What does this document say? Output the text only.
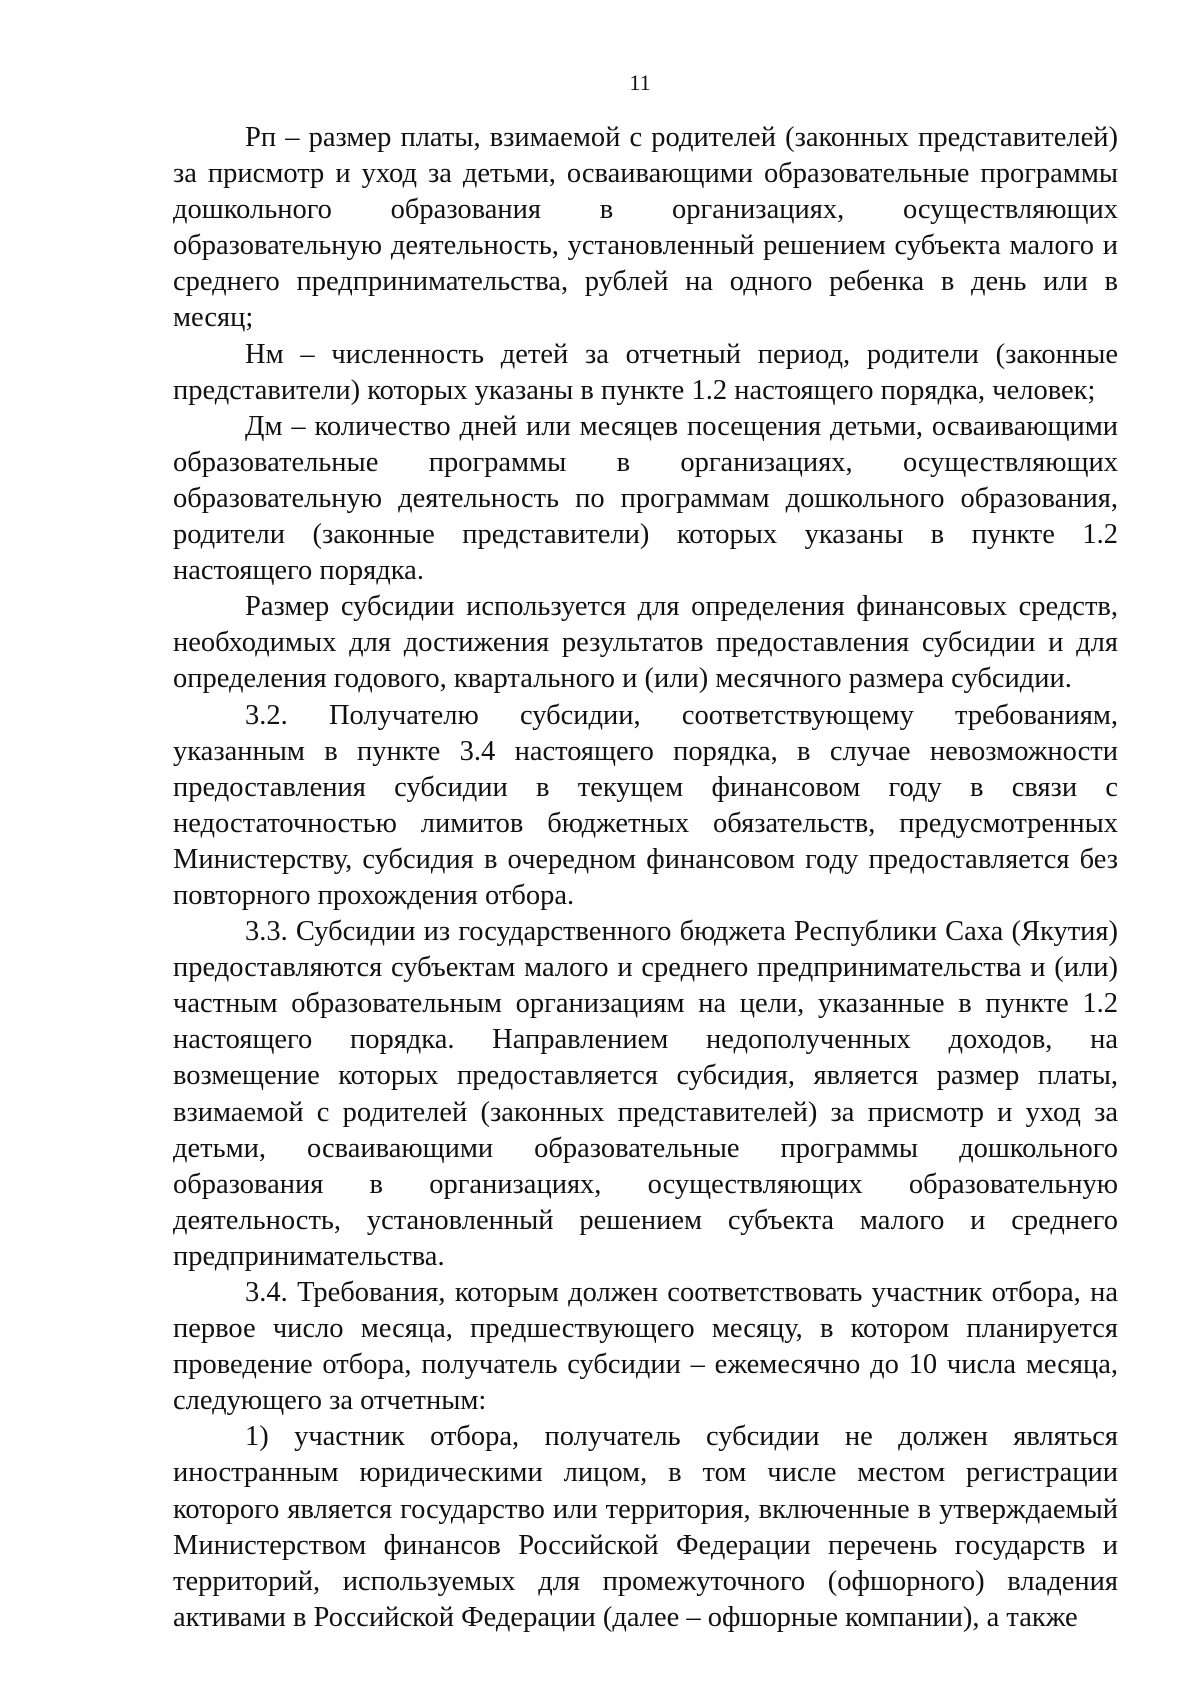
11

Рп – размер платы, взимаемой с родителей (законных представителей) за присмотр и уход за детьми, осваивающими образовательные программы дошкольного образования в организациях, осуществляющих образовательную деятельность, установленный решением субъекта малого и среднего предпринимательства, рублей на одного ребенка в день или в месяц;

Нм – численность детей за отчетный период, родители (законные представители) которых указаны в пункте 1.2 настоящего порядка, человек;

Дм – количество дней или месяцев посещения детьми, осваивающими образовательные программы в организациях, осуществляющих образовательную деятельность по программам дошкольного образования, родители (законные представители) которых указаны в пункте 1.2 настоящего порядка.

Размер субсидии используется для определения финансовых средств, необходимых для достижения результатов предоставления субсидии и для определения годового, квартального и (или) месячного размера субсидии.

3.2. Получателю субсидии, соответствующему требованиям, указанным в пункте 3.4 настоящего порядка, в случае невозможности предоставления субсидии в текущем финансовом году в связи с недостаточностью лимитов бюджетных обязательств, предусмотренных Министерству, субсидия в очередном финансовом году предоставляется без повторного прохождения отбора.

3.3. Субсидии из государственного бюджета Республики Саха (Якутия) предоставляются субъектам малого и среднего предпринимательства и (или) частным образовательным организациям на цели, указанные в пункте 1.2 настоящего порядка. Направлением недополученных доходов, на возмещение которых предоставляется субсидия, является размер платы, взимаемой с родителей (законных представителей) за присмотр и уход за детьми, осваивающими образовательные программы дошкольного образования в организациях, осуществляющих образовательную деятельность, установленный решением субъекта малого и среднего предпринимательства.

3.4. Требования, которым должен соответствовать участник отбора, на первое число месяца, предшествующего месяцу, в котором планируется проведение отбора, получатель субсидии – ежемесячно до 10 числа месяца, следующего за отчетным:

1) участник отбора, получатель субсидии не должен являться иностранным юридическими лицом, в том числе местом регистрации которого является государство или территория, включенные в утверждаемый Министерством финансов Российской Федерации перечень государств и территорий, используемых для промежуточного (офшорного) владения активами в Российской Федерации (далее – офшорные компании), а также
